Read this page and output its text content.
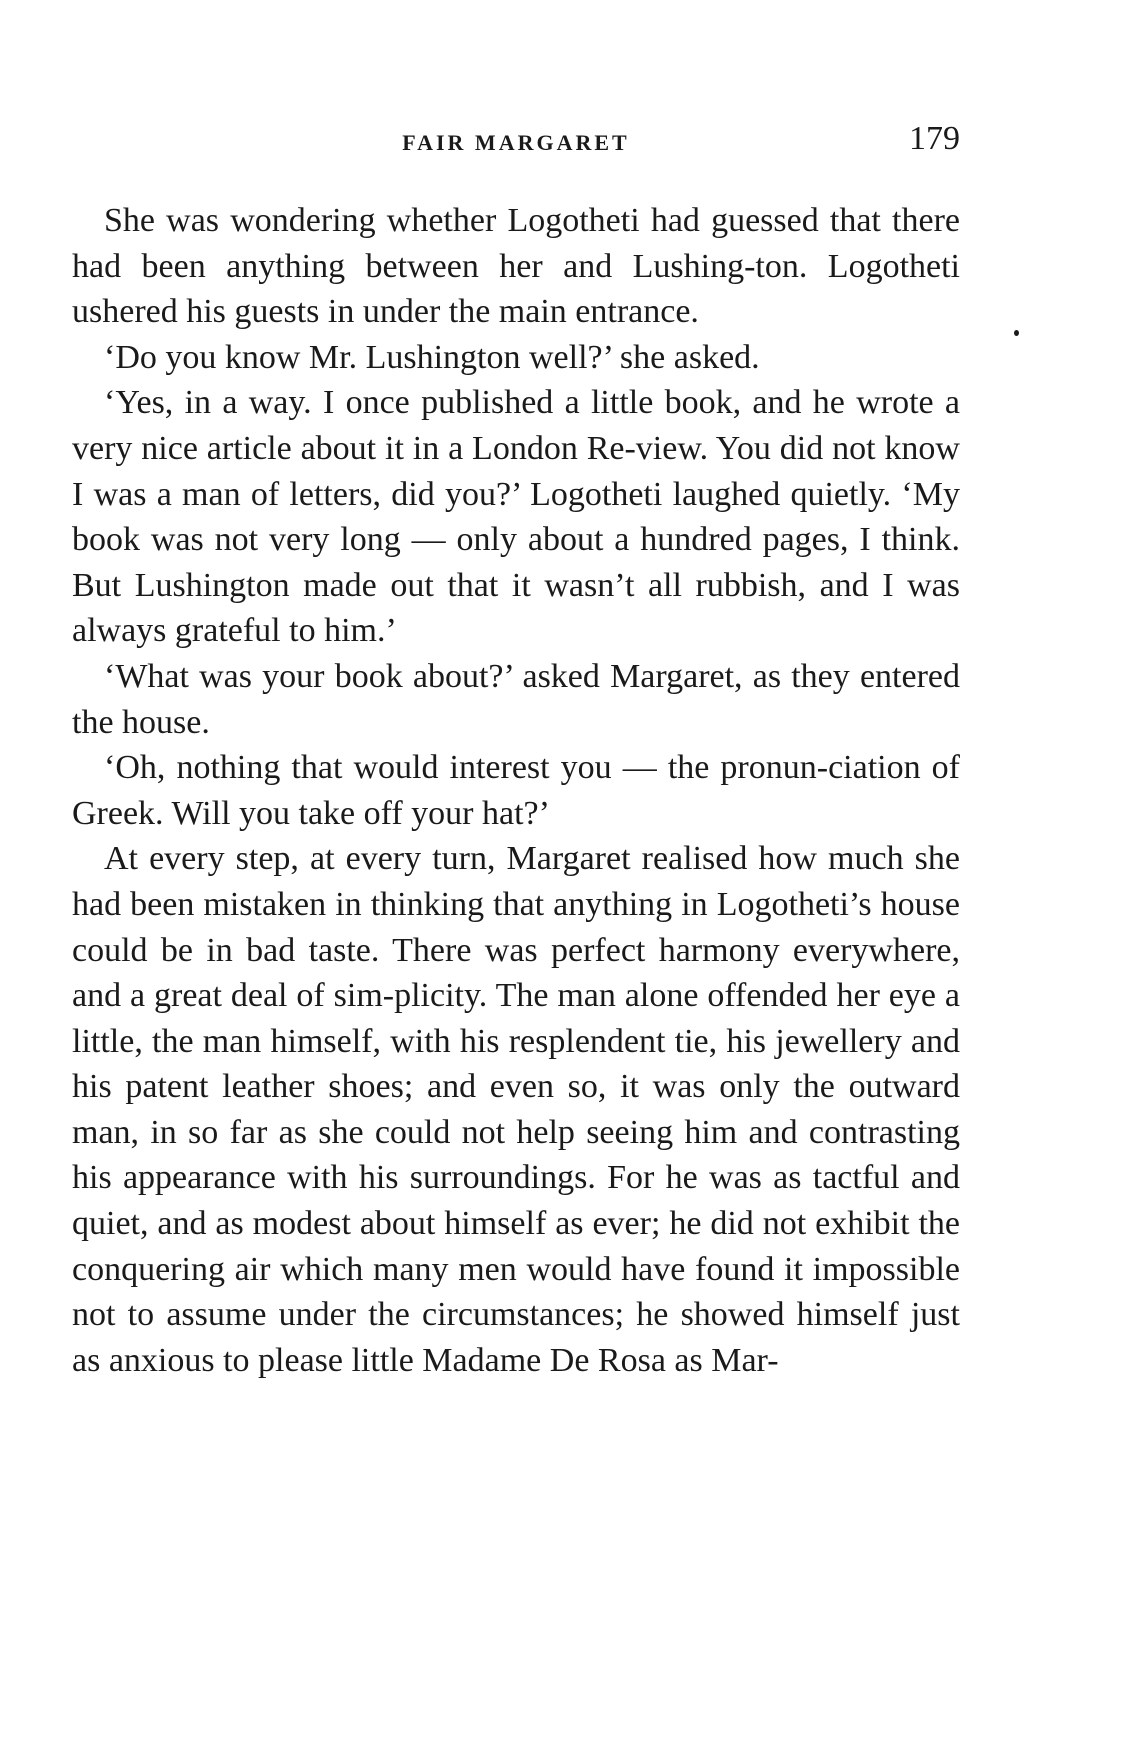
FAIR MARGARET	179

She was wondering whether Logotheti had guessed that there had been anything between her and Lushing-ton. Logotheti ushered his guests in under the main entrance.

‘Do you know Mr. Lushington well?’ she asked.

‘Yes, in a way. I once published a little book, and he wrote a very nice article about it in a London Re-view. You did not know I was a man of letters, did you?’ Logotheti laughed quietly. ‘My book was not very long — only about a hundred pages, I think. But Lushington made out that it wasn’t all rubbish, and I was always grateful to him.’

‘What was your book about?’ asked Margaret, as they entered the house.

‘Oh, nothing that would interest you — the pronun-ciation of Greek. Will you take off your hat?’

At every step, at every turn, Margaret realised how much she had been mistaken in thinking that anything in Logotheti’s house could be in bad taste. There was perfect harmony everywhere, and a great deal of sim-plicity. The man alone offended her eye a little, the man himself, with his resplendent tie, his jewellery and his patent leather shoes; and even so, it was only the outward man, in so far as she could not help seeing him and contrasting his appearance with his surroundings. For he was as tactful and quiet, and as modest about himself as ever; he did not exhibit the conquering air which many men would have found it impossible not to assume under the circumstances; he showed himself just as anxious to please little Madame De Rosa as Mar-
